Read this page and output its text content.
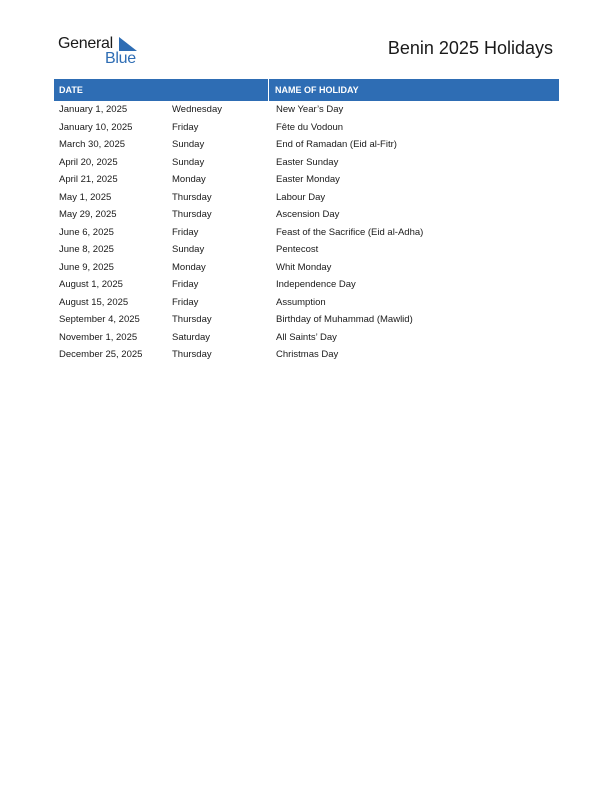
General
Blue
Benin 2025 Holidays
DATE	NAME OF HOLIDAY
January 1, 2025	Wednesday	New Year’s Day
January 10, 2025	Friday	Fête du Vodoun
March 30, 2025	Sunday	End of Ramadan (Eid al-Fitr)
April 20, 2025	Sunday	Easter Sunday
April 21, 2025	Monday	Easter Monday
May 1, 2025	Thursday	Labour Day
May 29, 2025	Thursday	Ascension Day
June 6, 2025	Friday	Feast of the Sacrifice (Eid al-Adha)
June 8, 2025	Sunday	Pentecost
June 9, 2025	Monday	Whit Monday
August 1, 2025	Friday	Independence Day
August 15, 2025	Friday	Assumption
September 4, 2025	Thursday	Birthday of Muhammad (Mawlid)
November 1, 2025	Saturday	All Saints’ Day
December 25, 2025	Thursday	Christmas Day
